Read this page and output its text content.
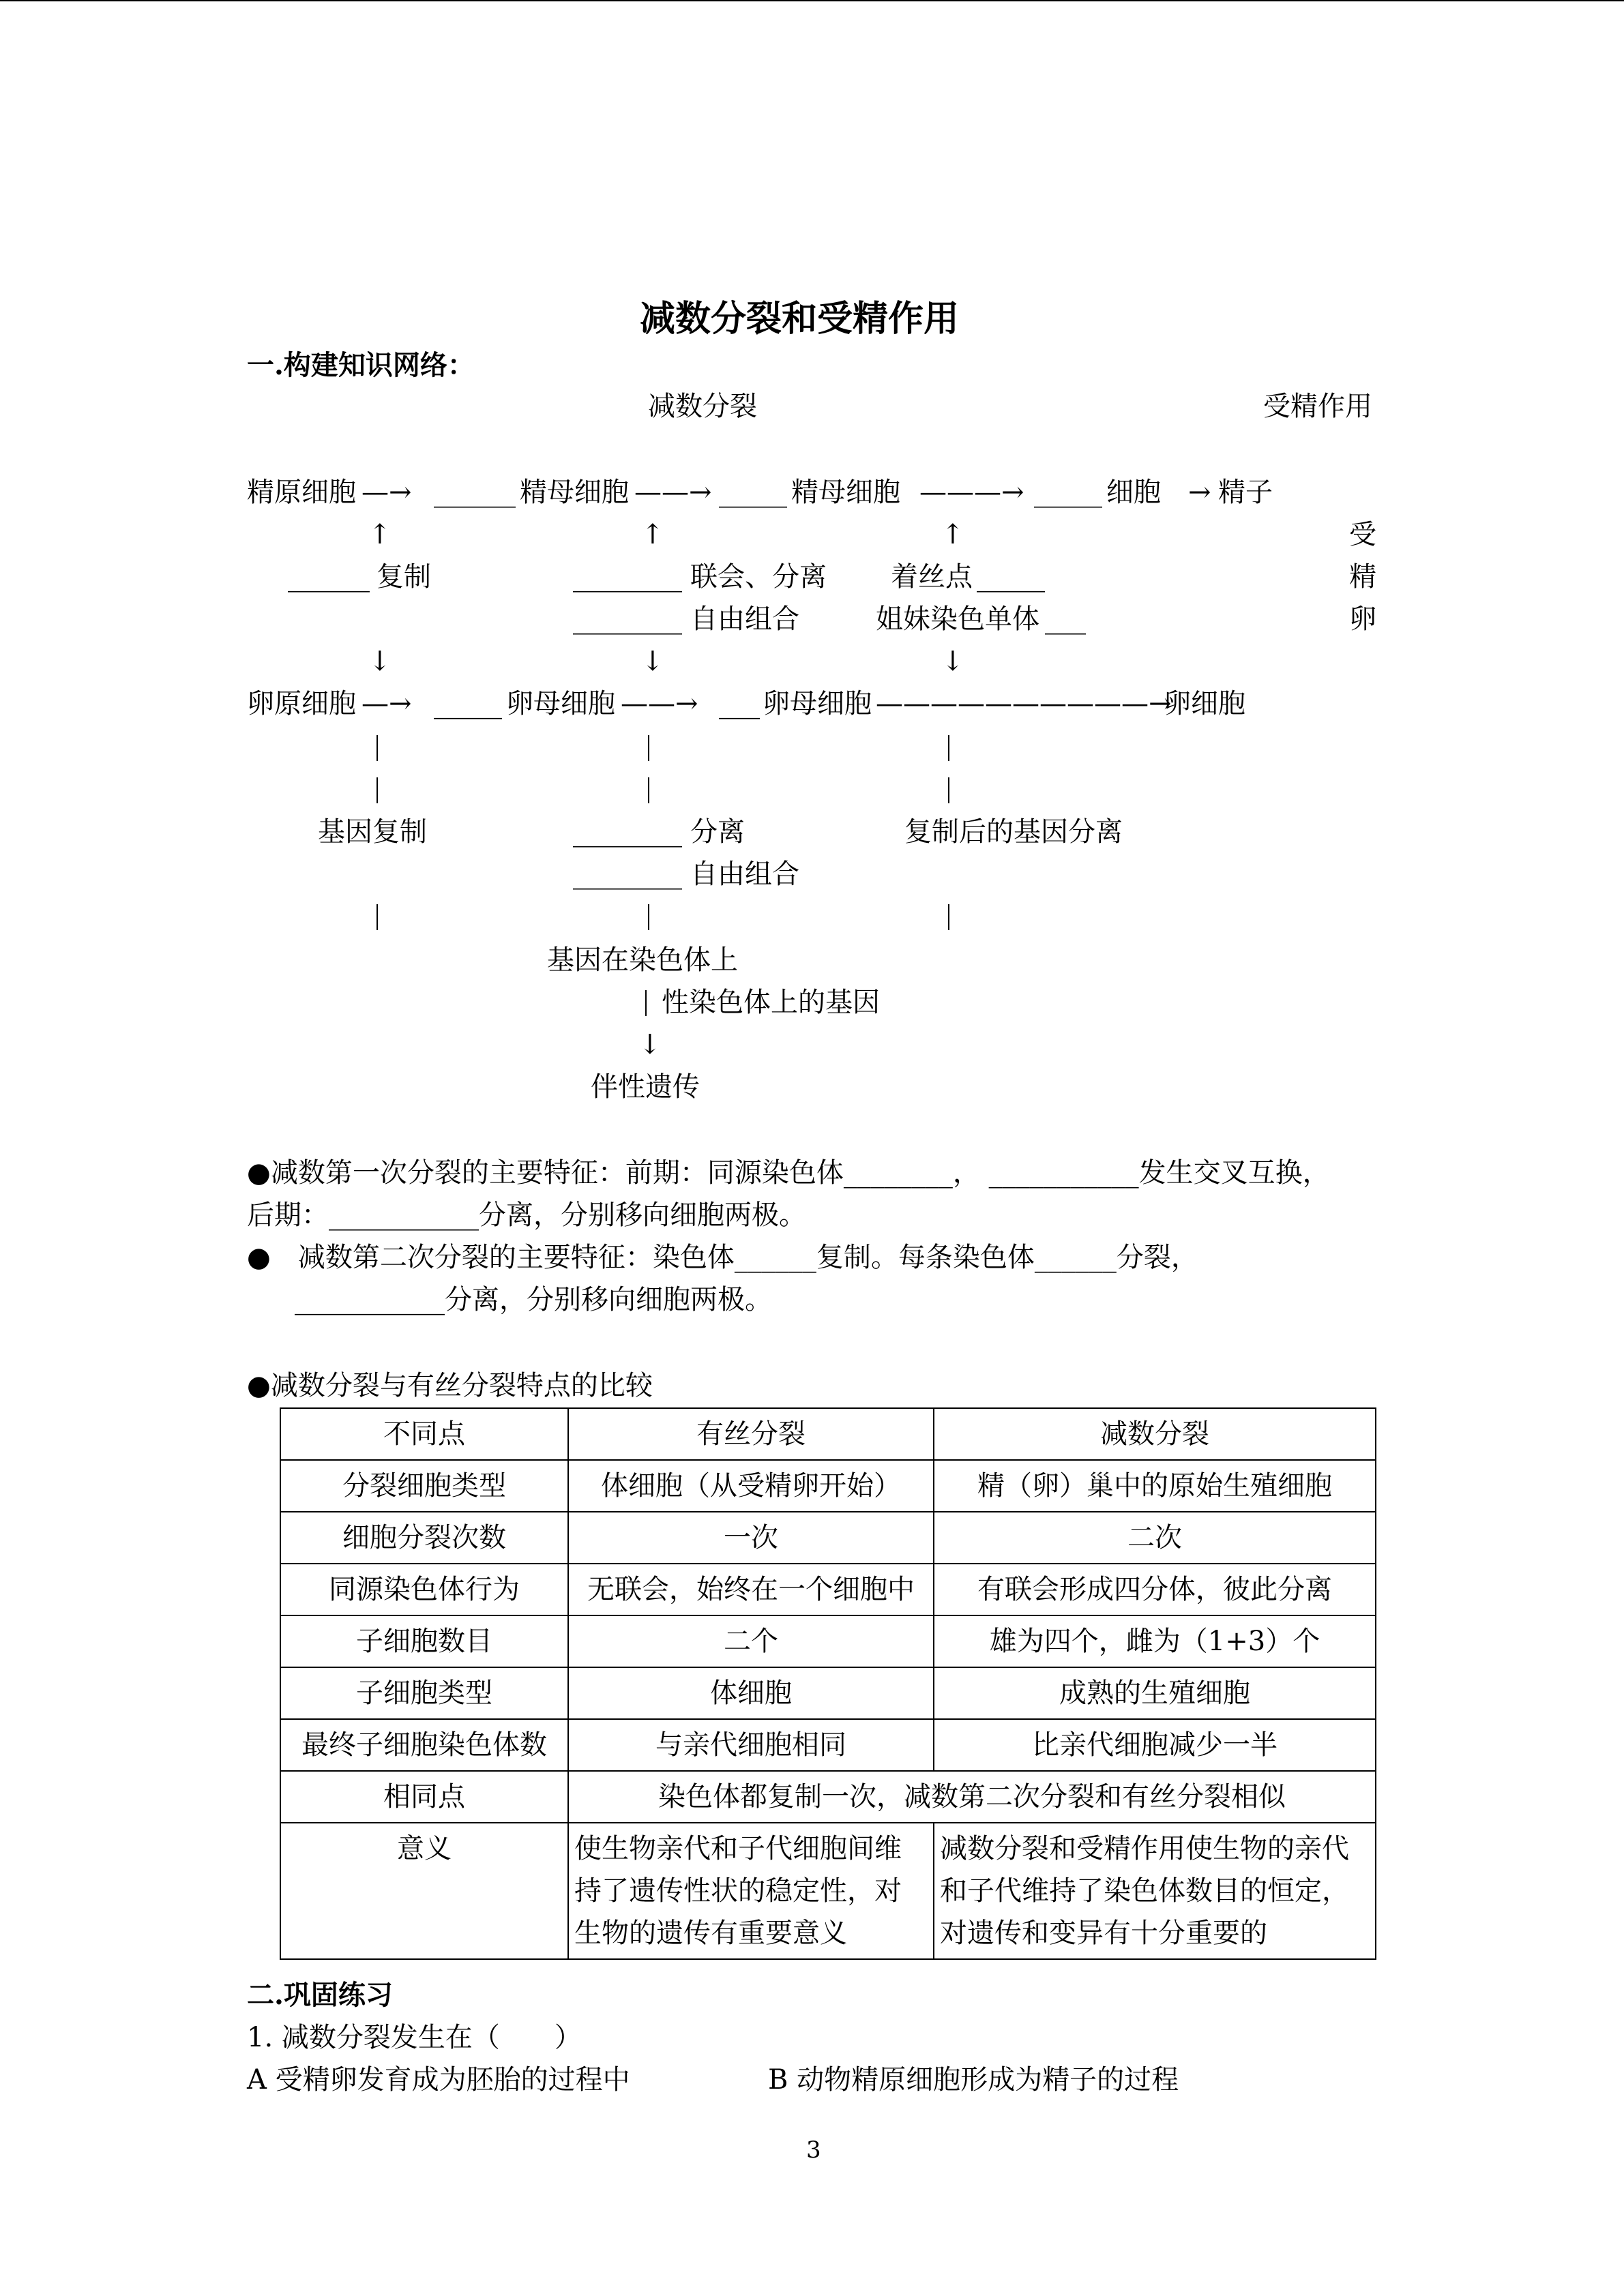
减数分裂和受精作用
一.构建知识网络：
减数分裂	受精作用
精原细胞 —→ ______ 精母细胞 ——→ _____ 精母细胞 ———→ _____ 细胞 → 精子
受
精
卵
↑	↑	↑
______ 复制	________ 联会、分离 着丝点 _____
________ 自由组合	姐妹染色单体 ___
↓	↓	↓
卵原细胞 —→ _____ 卵母细胞 ——→ ___ 卵母细胞 ——————————→
卵细胞
基因复制	________ 分离	复制后的基因分离
________ 自由组合
基因在染色体上
性染色体上的基因
↓
伴性遗传
●减数第一次分裂的主要特征：前期：同源染色体________， ___________发生交叉互换，
后期：___________分离，分别移向细胞两极。
●　 减数第二次分裂的主要特征：染色体______复制。每条染色体______分裂，
___________分离，分别移向细胞两极。
●减数分裂与有丝分裂特点的比较
不同点	有丝分裂	减数分裂
分裂细胞类型	体细胞（从受精卵开始）	精（卵）巢中的原始生殖细胞
细胞分裂次数	一次	二次
同源染色体行为	无联会，始终在一个细胞中	有联会形成四分体，彼此分离
子细胞数目	二个	雄为四个，雌为（1+3）个
子细胞类型	体细胞	成熟的生殖细胞
最终子细胞染色体数	与亲代细胞相同	比亲代细胞减少一半
相同点	染色体都复制一次，减数第二次分裂和有丝分裂相似	
意义	使生物亲代和子代细胞间维持了遗传性状的稳定性，对生物的遗传有重要意义	减数分裂和受精作用使生物的亲代和子代维持了染色体数目的恒定，对遗传和变异有十分重要的
二.巩固练习
1. 减数分裂发生在（　　）
A 受精卵发育成为胚胎的过程中	B 动物精原细胞形成为精子的过程
3
